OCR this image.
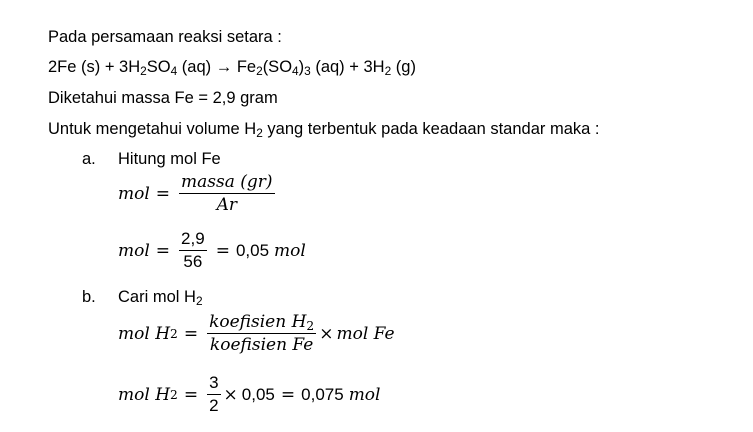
Pada persamaan reaksi setara :
2Fe $(s) + 3H_2SO_4$ $(aq) \to Fe_2(SO_4)_3$ $(aq) + 3H_2$ (g)
Diketahui massa Fe = 2,9 gram
Untuk mengetahui volume $H_2$ yang terbentuk pada keadaan standar maka :
a. Hitung mol Fe
mol = $\frac{\text{massa (gr)}}{Ar}$
mol = $\frac{2,9}{56} = 0,05$ mol
b. Cari mol $H_2$
mol H $2 = \frac{koefisien H_2}{\text{koefisien Fe}}$ × mol Fe
mol H $2 = \frac{3}{2} \times 0,05 = 0,075$ mol
